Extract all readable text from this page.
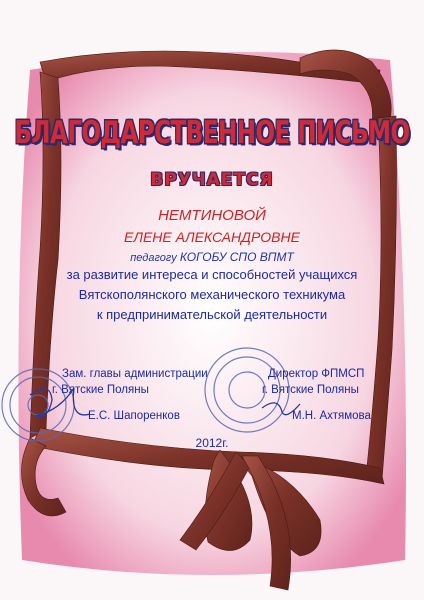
БЛАГОДАРСТВЕННОЕ ПИСЬМО
ВРУЧАЕТСЯ

НЕМТИНОВОЙ

ЕЛЕНЕ АЛЕКСАНДРОВНЕ

педагогу КОГОБУ СПО ВПМТ

за развитие интереса и способностей учащихся

Вятскополянского механического техникума

к предпринимательской деятельности

Зам. главы администрации

г. Вятские Поляны

Е.С. Шапоренков

Директор ФПМСП

г. Вятские Поляны

М.Н. Ахтямова

2012г.
